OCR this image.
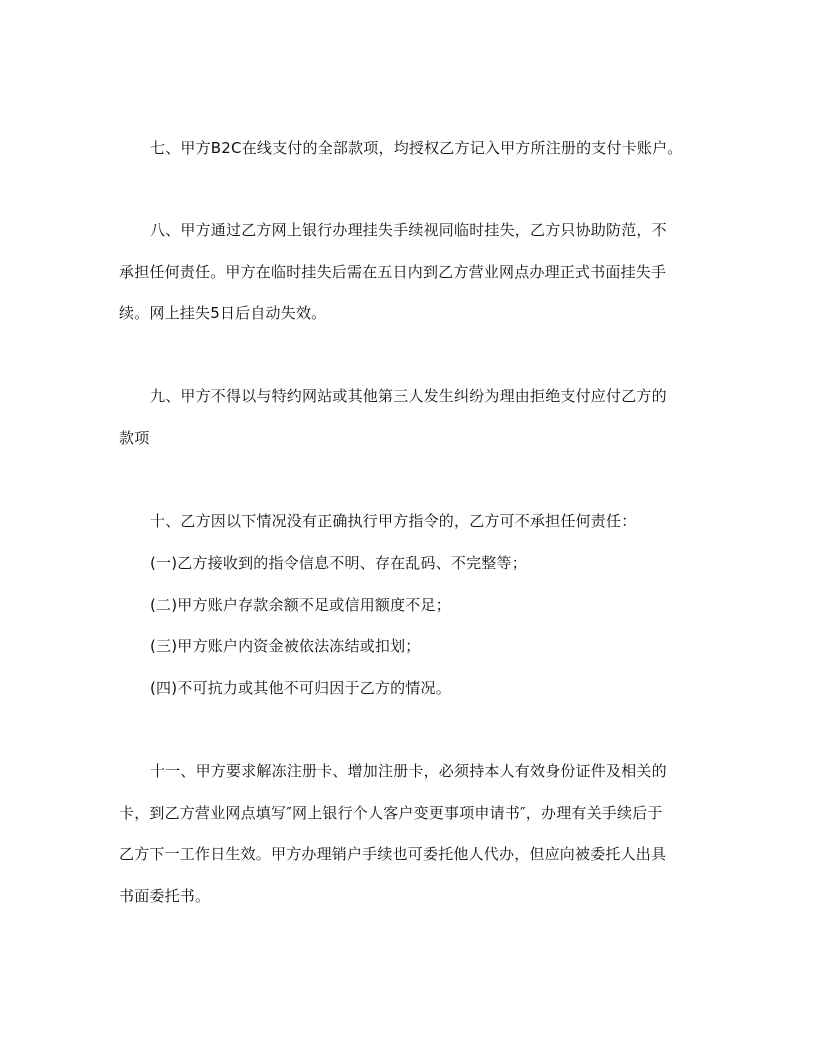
七、甲方B2C在线支付的全部款项，均授权乙方记入甲方所注册的支付卡账户。
八、甲方通过乙方网上银行办理挂失手续视同临时挂失，乙方只协助防范，不
承担任何责任。甲方在临时挂失后需在五日内到乙方营业网点办理正式书面挂失手
续。网上挂失5日后自动失效。
九、甲方不得以与特约网站或其他第三人发生纠纷为理由拒绝支付应付乙方的
款项
十、乙方因以下情况没有正确执行甲方指令的，乙方可不承担任何责任：
(一)乙方接收到的指令信息不明、存在乱码、不完整等；
(二)甲方账户存款余额不足或信用额度不足；
(三)甲方账户内资金被依法冻结或扣划；
(四)不可抗力或其他不可归因于乙方的情况。
十一、甲方要求解冻注册卡、增加注册卡，必须持本人有效身份证件及相关的
卡，到乙方营业网点填写″网上银行个人客户变更事项申请书″，办理有关手续后于
乙方下一工作日生效。甲方办理销户手续也可委托他人代办，但应向被委托人出具
书面委托书。
